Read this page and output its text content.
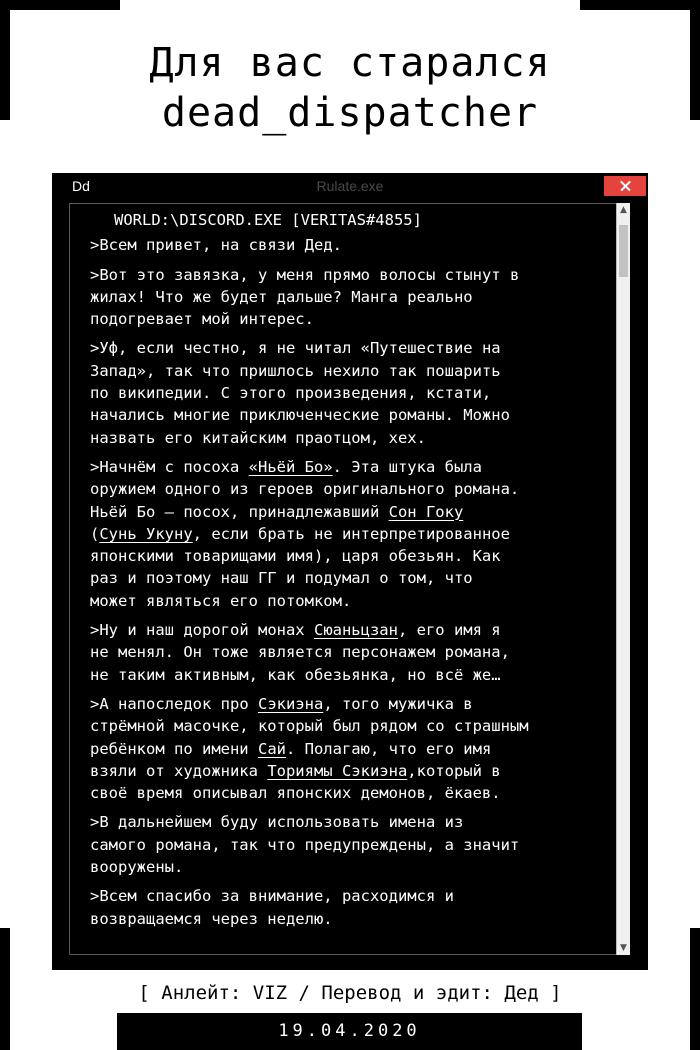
Для вас старался
dead_dispatcher
Dd	Rulate.exe
▲
▼
WORLD:\DISCORD.EXE [VERITAS#4855]
>Всем привет, на связи Дед.
>Вот это завязка, у меня прямо волосы стынут в
жилах! Что же будет дальше? Манга реально
подогревает мой интерес.
>Уф, если честно, я не читал «Путешествие на
Запад», так что пришлось нехило так пошарить
по википедии. С этого произведения, кстати,
начались многие приключенческие романы. Можно
назвать его китайским праотцом, хех.
>Начнём с посоха «Ньёй Бо». Эта штука была
оружием одного из героев оригинального романа.
Ньёй Бо – посох, принадлежавший Сон Гоку
(Сунь Укуну, если брать не интерпретированное
японскими товарищами имя), царя обезьян. Как
раз и поэтому наш ГГ и подумал о том, что
может являться его потомком.
>Ну и наш дорогой монах Сюаньцзан, его имя я
не менял. Он тоже является персонажем романа,
не таким активным, как обезьянка, но всё же…
>А напоследок про Сэкиэна, того мужичка в
стрёмной масочке, который был рядом со страшным
ребёнком по имени Сай. Полагаю, что его имя
взяли от художника Ториямы Сэкиэна,который в
своё время описывал японских демонов, ёкаев.
>В дальнейшем буду использовать имена из
самого романа, так что предупреждены, а значит
вооружены.
>Всем спасибо за внимание, расходимся и
возвращаемся через неделю.
[ Анлейт: VIZ / Перевод и эдит: Дед ]
19.04.2020
